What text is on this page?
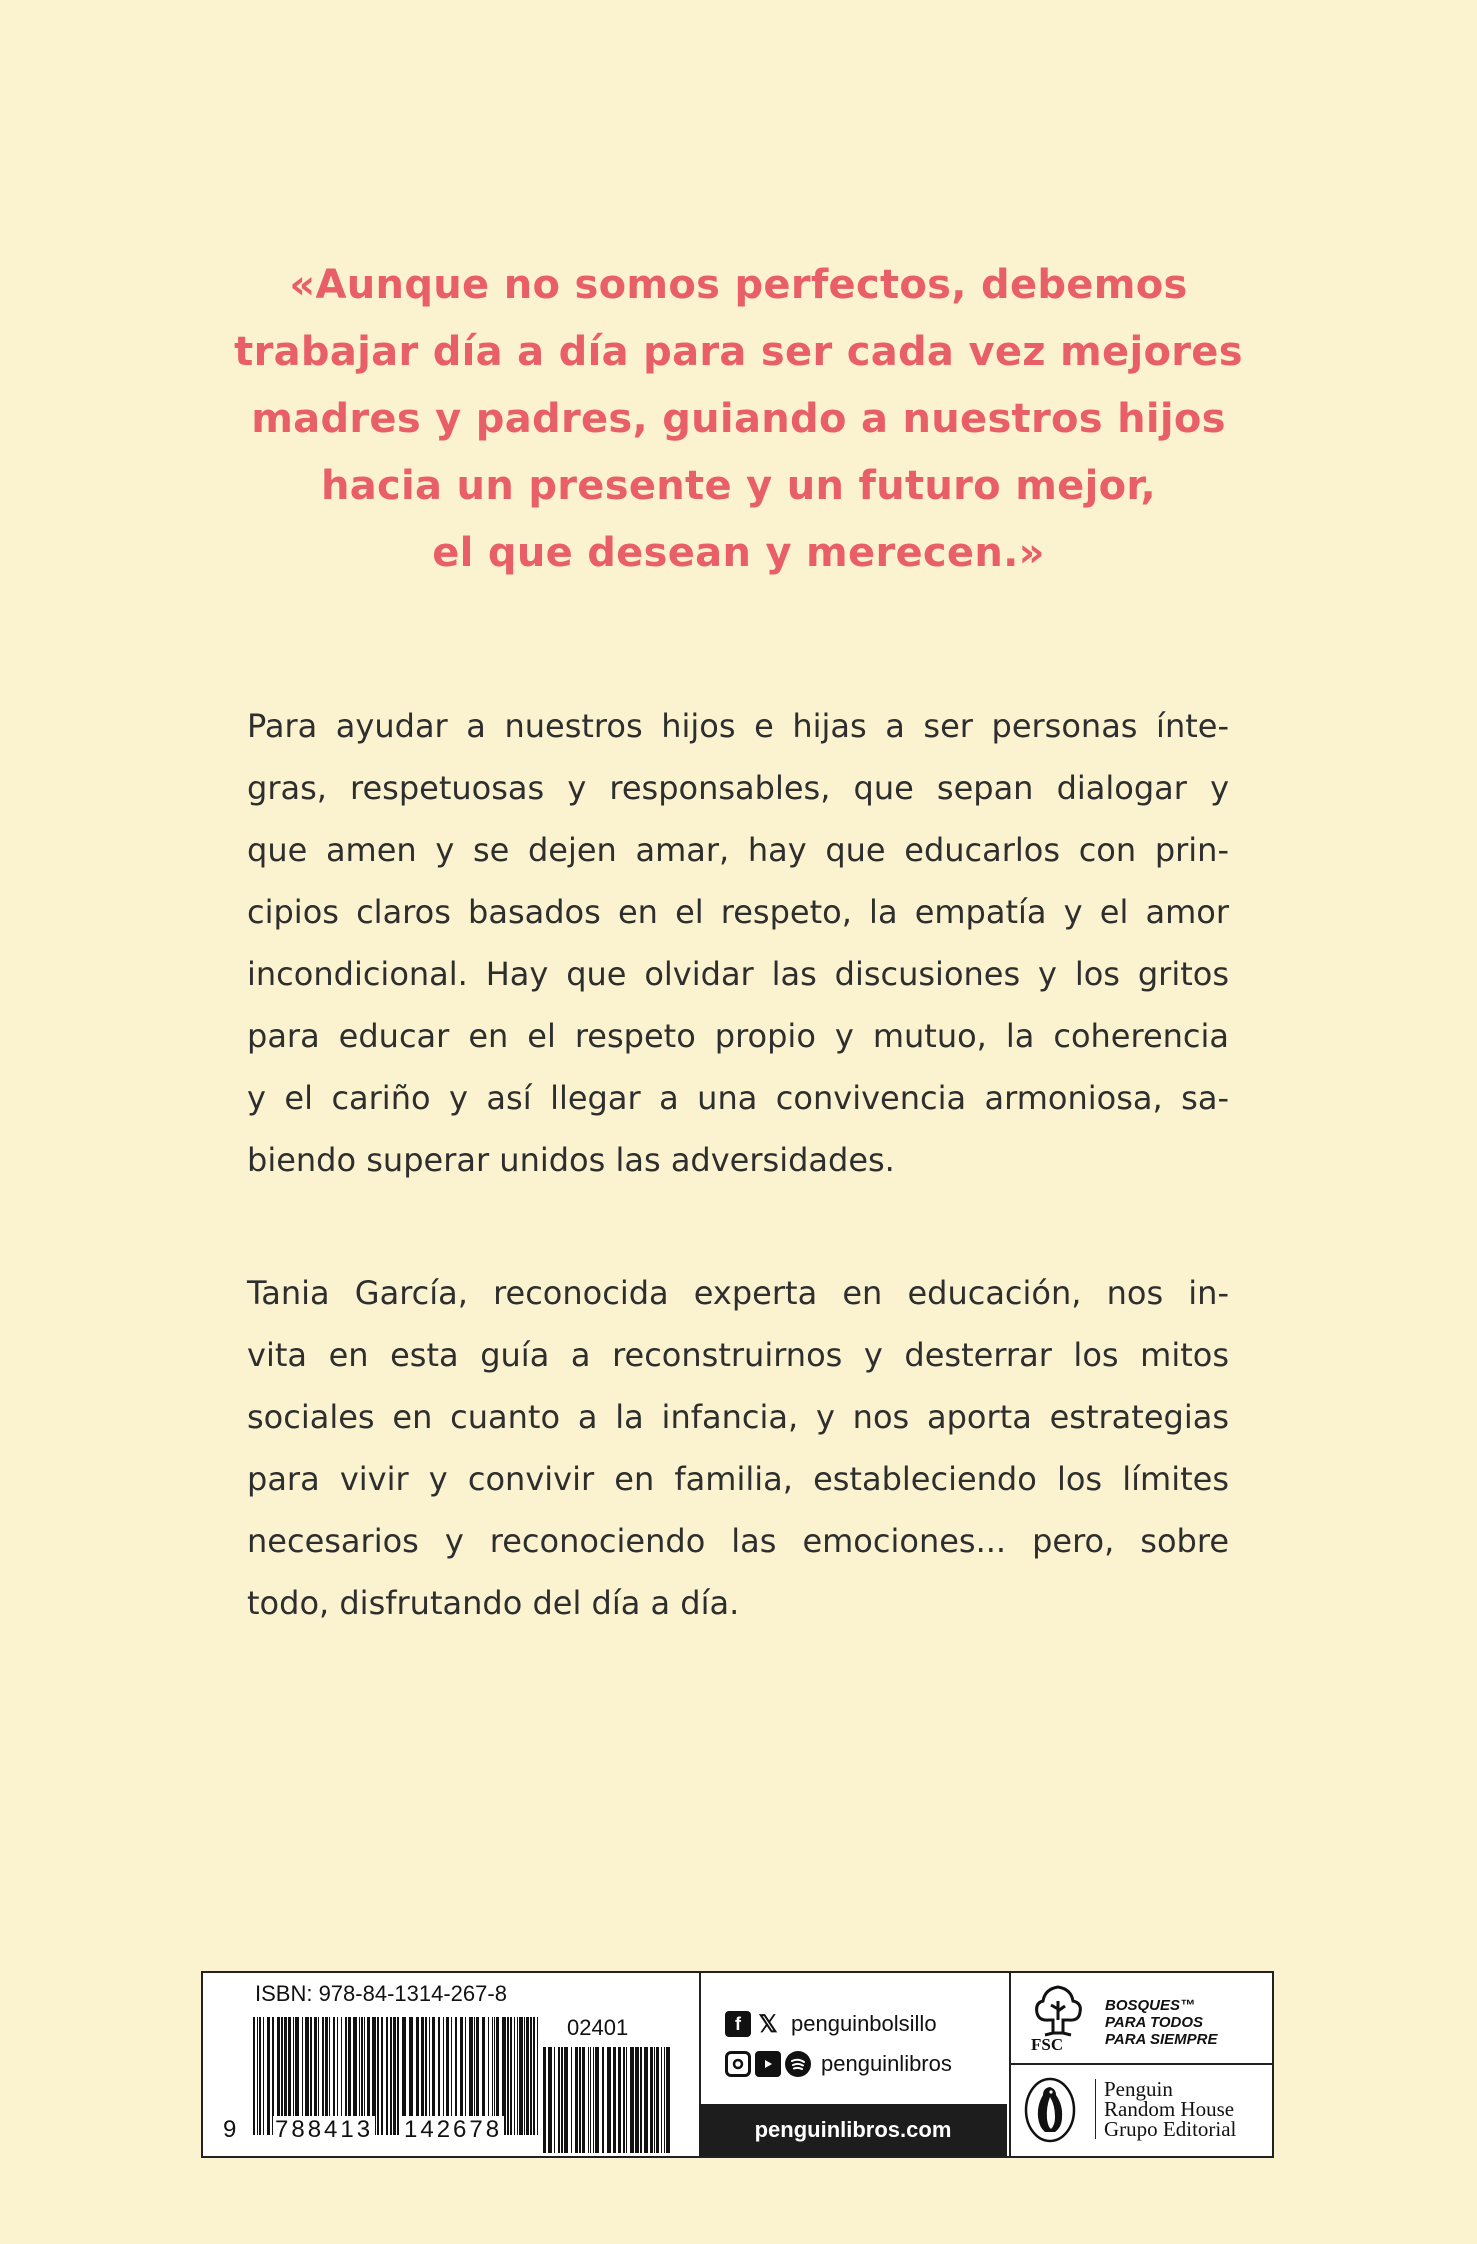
«Aunque no somos perfectos, debemos
trabajar día a día para ser cada vez mejores
madres y padres, guiando a nuestros hijos
hacia un presente y un futuro mejor,
el que desean y merecen.»
Para ayudar a nuestros hijos e hijas a ser personas ínte-
gras, respetuosas y responsables, que sepan dialogar y
que amen y se dejen amar, hay que educarlos con prin-
cipios claros basados en el respeto, la empatía y el amor
incondicional. Hay que olvidar las discusiones y los gritos
para educar en el respeto propio y mutuo, la coherencia
y el cariño y así llegar a una convivencia armoniosa, sa-
biendo superar unidos las adversidades.
Tania García, reconocida experta en educación, nos in-
vita en esta guía a reconstruirnos y desterrar los mitos
sociales en cuanto a la infancia, y nos aporta estrategias
para vivir y convivir en familia, estableciendo los límites
necesarios y reconociendo las emociones... pero, sobre
todo, disfrutando del día a día.
ISBN: 978-84-1314-267-8
02401
9 788413 142678
f 𝕏 penguinbolsillo
penguinlibros
penguinlibros.com
FSC
BOSQUES™
PARA TODOS
PARA SIEMPRE
Penguin
Random House
Grupo Editorial
